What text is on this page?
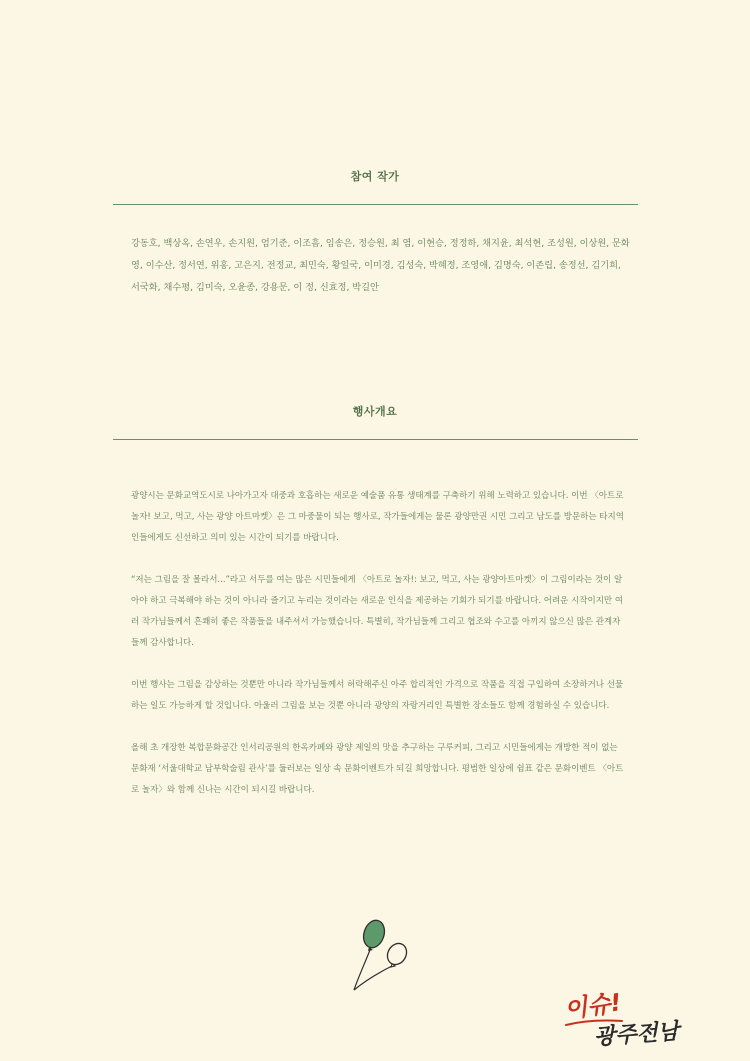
참여 작가
강동호, 백상옥, 손연우, 손지원, 엄기준, 이조흠, 임송은, 정승원, 최 염, 이현승, 정정하, 채지윤, 최석현, 조성원, 이상원, 문화영, 이수산, 정서연, 위홍, 고은지, 전정교, 최민숙, 황일국, 이미경, 김성숙, 박혜정, 조영애, 김명숙, 이존립, 송정선, 김기희, 서국화, 채수평, 김미숙, 오윤종, 강용문, 이 정, 신효정, 박길안
행사개요

광양시는 문화교역도시로 나아가고자 대중과 호흡하는 새로운 예술품 유통 생태계를 구축하기 위해 노력하고 있습니다. 이번 〈아트로 놀자! 보고, 먹고, 사는 광양 아트마켓〉은 그 마중물이 되는 행사로, 작가들에게는 물론 광양만권 시민 그리고 남도를 방문하는 타지역인들에게도 신선하고 의미 있는 시간이 되기를 바랍니다.

“저는 그림을 잘 몰라서...”라고 서두를 여는 많은 시민들에게 〈아트로 놀자!: 보고, 먹고, 사는 광양아트마켓〉이 그림이라는 것이 알아야 하고 극복해야 하는 것이 아니라 즐기고 누리는 것이라는 새로운 인식을 제공하는 기회가 되기를 바랍니다. 어려운 시작이지만 여러 작가님들께서 흔쾌히 좋은 작품들을 내주셔서 가능했습니다. 특별히, 작가님들께 그리고 협조와 수고를 아끼지 않으신 많은 관계자들께 감사합니다.

이번 행사는 그림을 감상하는 것뿐만 아니라 작가님들께서 허락해주신 아주 합리적인 가격으로 작품을 직접 구입하여 소장하거나 선물하는 일도 가능하게 할 것입니다. 아울러 그림을 보는 것뿐 아니라 광양의 자랑거리인 특별한 장소들도 함께 경험하실 수 있습니다.

올해 초 개장한 복합문화공간 인서리공원의 한옥카페와 광양 제일의 맛을 추구하는 구루커피, 그리고 시민들에게는 개방한 적이 없는 문화재 ‘서울대학교 남부학술림 관사’를 둘러보는 일상 속 문화이벤트가 되길 희망합니다. 평범한 일상에 쉼표 같은 문화이벤트 〈아트로 놀자〉와 함께 신나는 시간이 되시길 바랍니다.

이슈!
광주전남
